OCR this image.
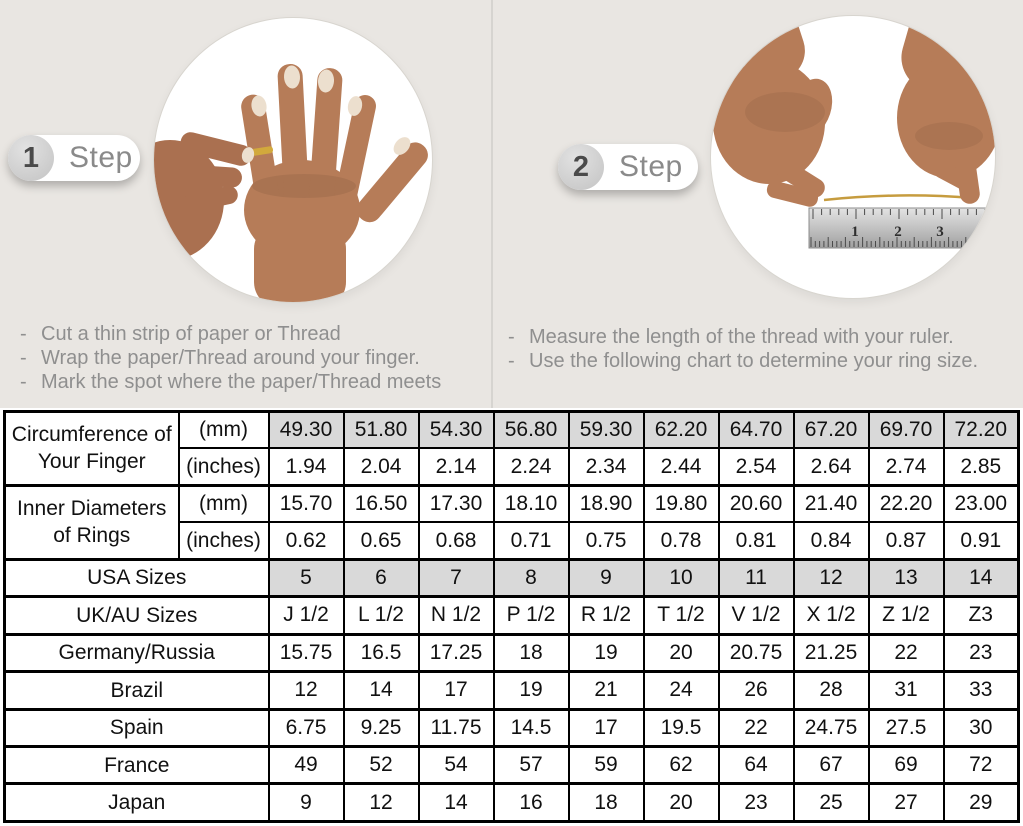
1 2 3
1 Step	2 Step
- Cut a thin strip of paper or Thread
- Wrap the paper/Thread around your finger.
- Mark the spot where the paper/Thread meets
- Measure the length of the thread with your ruler.
- Use the following chart to determine your ring size.
Circumference of Your Finger	(mm)	49.30	51.80	54.30	56.80	59.30	62.20	64.70	67.20	69.70	72.20
	(inches)	1.94	2.04	2.14	2.24	2.34	2.44	2.54	2.64	2.74	2.85
Inner Diameters of Rings	(mm)	15.70	16.50	17.30	18.10	18.90	19.80	20.60	21.40	22.20	23.00
	(inches)	0.62	0.65	0.68	0.71	0.75	0.78	0.81	0.84	0.87	0.91
USA Sizes		5	6	7	8	9	10	11	12	13	14
UK/AU Sizes		J 1/2	L 1/2	N 1/2	P 1/2	R 1/2	T 1/2	V 1/2	X 1/2	Z 1/2	Z3
Germany/Russia		15.75	16.5	17.25	18	19	20	20.75	21.25	22	23
Brazil		12	14	17	19	21	24	26	28	31	33
Spain		6.75	9.25	11.75	14.5	17	19.5	22	24.75	27.5	30
France		49	52	54	57	59	62	64	67	69	72
Japan		9	12	14	16	18	20	23	25	27	29
